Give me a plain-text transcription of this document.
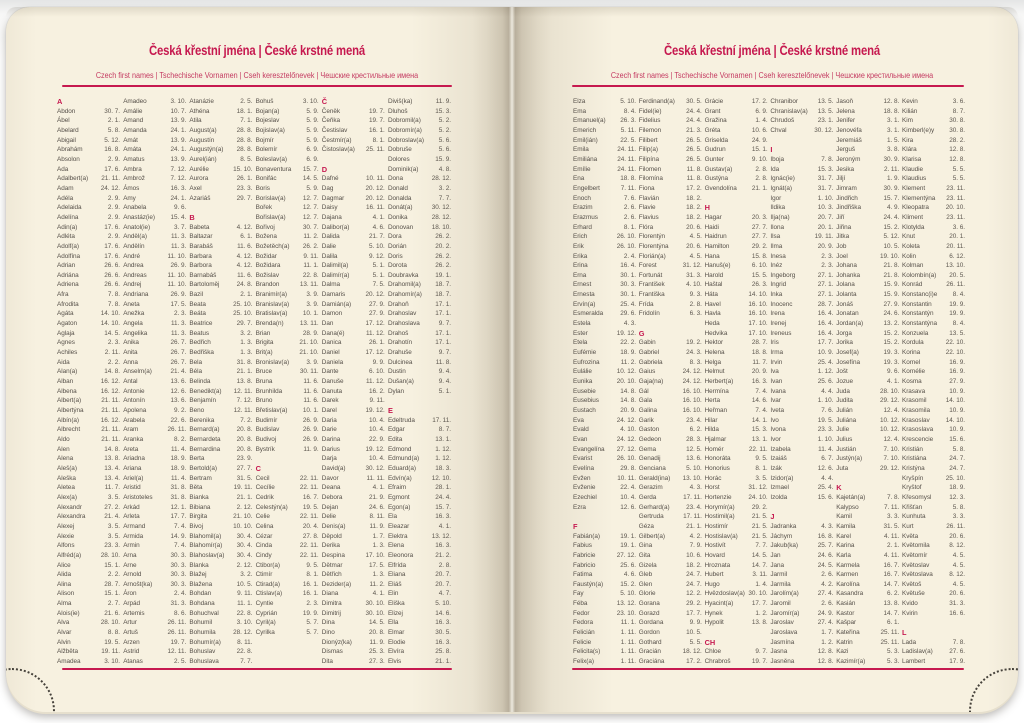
Česká křestní jména | České krstné mená
Czech first names | Tschechische Vornamen | Cseh keresztelőnevek | Чешские крестильные имена
A
Abdon	30. 7.
Ábel	2. 1.
Abelard	5. 8.
Abigail	5. 12.
Abrahám	16. 8.
Absolon	2. 9.
Ada	17. 6.
Adalbert(a) 21. 11.
Adam	24. 12.
Adéla	2. 9.
Adelaida	2. 9.
Adelína	2. 9.
Adin(a)	17. 6.
Adléta	2. 9.
Adolf(a)	17. 6.
Adolfína	17. 6.
Adrian	26. 6.
Adriána	26. 6.
Adriena	26. 6.
Afra	7. 8.
Afrodita	7. 8.
Agáta	14. 10.
Agaton	14. 10.
Aglaja	14. 5.
Agnes	2. 3.
Achiles	2. 11.
Aida	2. 2.
Alan(a)	14. 8.
Alban	16. 12.
Albena	16. 12.
Albert(a)	21. 11.
Albertýna	21. 11.
Albín(a)	16. 12.
Albrecht	21. 11.
Aldo	21. 11.
Alen	14. 8.
Alena	13. 8.
Aleš(a)	13. 4.
Aleška	13. 4.
Aletea	11. 7.
Alex(a)	3. 5.
Alexandr	27. 2.
Alexandra	21. 4.
Alexej	3. 5.
Alexie	3. 5.
Alfons	23. 3.
Alfréd(a)	28. 10.
Alice	15. 1.
Alida	2. 2.
Alina	28. 7.
Alison	15. 1.
Alma	2. 7.
Alois(ie)	21. 6.
Alva	28. 10.
Alvar	8. 8.
Alvin	19. 5.
Alžběta	19. 11.
Amadea	3. 10.
Amadeo	3. 10.
Amálie	10. 7.
Amand	13. 9.
Amanda	24. 1.
Amát	13. 9.
Amáta	24. 1.
Amatus	13. 9.
Ambra	7. 12.
Ambrož	7. 12.
Ámos	16. 3.
Amy	24. 1.
Anabela	9. 6.
Anastáz(ie) 15. 4.
Anatol(ie)	3. 7.
Anděl(a)	11. 3.
Andělín	11. 3.
André	11. 10.
Andrea	26. 9.
Andreas	11. 10.
Andrej	11. 10.
Andriana	26. 9.
Aneta	17. 5.
Anežka	2. 3.
Angela	11. 3.
Angelika	11. 3.
Anika	26. 7.
Anita	26. 7.
Anna	26. 7.
Anselm(a)	21. 4.
Antal	13. 6.
Antonie	12. 6.
Antonín	13. 6.
Apolena	9. 2.
Arabela	22. 6.
Aram	26. 11.
Aranka	8. 2.
Areta	11. 4.
Ariadna	18. 9.
Ariana	18. 9.
Ariel(a)	11. 4.
Aristid	31. 8.
Aristoteles	31. 8.
Arkád	12. 1.
Arleta	17. 7.
Armand	7. 4.
Armida	14. 9.
Armin	7. 4.
Arna	30. 3.
Arne	30. 3.
Arnold	30. 3.
Arnošt(ka)	30. 3.
Áron	2. 4.
Arpád	31. 3.
Artemis	8. 6.
Artur	26. 11.
Artuš	26. 11.
Arzen	19. 7.
Astrid	12. 11.
Atanas	2. 5.
Atanázie	2. 5.
Athéna	18. 1.
Atila	7. 1.
August(a)	28. 8.
Augustín	28. 8.
Augustýn(a) 28. 8.
Aurel(ián)	8. 5.
Aurélie	15. 10.
Aurora	26. 1.
Axel	23. 3.
Azariáš	29. 7.
B
Babeta	4. 12.
Baltazar	6. 1.
Barabáš	11. 6.
Barbara	4. 12.
Barbora	4. 12.
Barnabáš	11. 6.
Bartoloměj	24. 8.
Bazil	2. 1.
Beata	25. 10.
Beáta	25. 10.
Beatrice	29. 7.
Beatus	3. 2.
Bedřich	1. 3.
Bedřiška	1. 3.
Bela	31. 8.
Béla	21. 1.
Belinda	13. 8.
Benedikt(a) 12. 11.
Benjamín	7. 12.
Beno	12. 11.
Berenika	7. 2.
Bernard(a)	20. 8.
Bernardeta	20. 8.
Bernardina	20. 8.
Berta	23. 9.
Bertold(a)	27. 7.
Bertram	31. 5.
Běta	19. 11.
Bianka	21. 1.
Bibiana	2. 12.
Birgita	21. 10.
Bivoj	10. 10.
Blahomil(a) 30. 4.
Blahomír(a) 30. 4.
Blahoslav(a) 30. 4.
Blanka	2. 12.
Blažej	3. 2.
Blažena	10. 5.
Bohdan	9. 11.
Bohdana	11. 1.
Bohuchval	22. 8.
Bohumil	3. 10.
Bohumila	28. 12.
Bohumír(a)	8. 11.
Bohuslav	22. 8.
Bohuslava	7. 7.
Bohuš	3. 10.
Bojan(a)	5. 9.
Bojeslav	5. 9.
Bojislav(a)	5. 9.
Bojmír	5. 9.
Bolemír	6. 9.
Boleslav(a)	6. 9.
Bonaventura 15. 7.
Bonifác	14. 5.
Boris	5. 9.
Borislav(a)	12. 7.
Bořek	12. 7.
Bořislav(a)	12. 7.
Bořivoj	30. 7.
Božena	11. 2.
Božetěch(a) 26. 2.
Božidar	9. 11.
Božidara	11. 1.
Božislav	22. 8.
Brandon	13. 11.
Branimír(a)	3. 9.
Branislav(a)	3. 9.
Bratislav(a) 10. 1.
Brenda(n)	13. 11.
Brian	28. 9.
Brigita	21. 10.
Brit(a)	21. 10.
Bronislav(a)	3. 9.
Bruce	30. 11.
Bruna	11. 6.
Brunhilda	11. 6.
Bruno	11. 6.
Břetislav(a) 10. 1.
Budimír	26. 9.
Budislav	26. 9.
Budivoj	26. 9.
Bystrík	11. 9.
C
Cecil	22. 11.
Cecílie	22. 11.
Cedrik	16. 7.
Celestýn(a) 19. 5.
Celie	22. 11.
Celina	20. 4.
Cézar	27. 8.
Cinda	22. 11.
Cindy	22. 11.
Ctibor(a)	9. 5.
Ctimír	8. 1.
Ctirad(a)	16. 1.
Ctislav(a)	16. 1.
Cyntie	2. 3.
Cyprián	19. 9.
Cyril(a)	5. 7.
Cyrilka	5. 7.
Č
Čeněk	19. 7.
Čeňka	19. 7.
Čestislav	16. 1.
Čestmír(a)	8. 1.
Čistoslav(a) 25. 11.
D
Dafné	10. 11.
Dag	20. 12.
Dagmar	20. 12.
Daisy	16. 11.
Dajana	4. 1.
Dalibor(a)	4. 6.
Dalida	21. 7.
Dalie	5. 10.
Dalila	9. 12.
Dalimil(a)	5. 1.
Dalimír(a)	5. 1.
Dalma	7. 5.
Damaris	20. 12.
Damián(a)	27. 9.
Damon	27. 9.
Dan	17. 12.
Dana(é)	11. 12.
Danica	26. 1.
Daniel	17. 12.
Daniela	9. 9.
Dante	6. 10.
Danuše	11. 12.
Danuta	16. 2.
Darek	9. 11.
Darel	19. 12.
Daria	10. 4.
Darie	10. 4.
Darina	22. 9.
Darius	19. 12.
Darja	10. 4.
David(a)	30. 12.
Davor	11. 11.
Deana	4. 1.
Debora	21. 9.
Dejan	24. 6.
Delie	8. 11.
Denis(a)	11. 9.
Děpold	1. 7.
Derika	1. 3.
Despina	17. 10.
Dětmar	17. 5.
Dětřich	1. 3.
Dezider(a)	11. 2.
Diana	4. 1.
Dimitra	30. 10.
Dimitrij	30. 10.
Dina	14. 5.
Dino	20. 8.
Dionýz(ka)	11. 9.
Dismas	25. 3.
Dita	27. 3.
Diviš(ka)	11. 9.
Dluhoš	15. 3.
Dobromil(a)	5. 2.
Dobromír(a)	5. 2.
Dobroslav(a) 5. 6.
Dobruše	5. 6.
Dolores	15. 9.
Dominik(a)	4. 8.
Dona	28. 12.
Donald	3. 2.
Donalda	7. 7.
Donát(a)	30. 12.
Donika	28. 12.
Donovan	18. 10.
Dora	26. 2.
Dorián	20. 2.
Doris	26. 2.
Dorota	26. 2.
Doubravka	19. 1.
Drahomil(a) 18. 7.
Drahomír(a) 18. 7.
Drahoň	17. 1.
Drahoslav	17. 1.
Drahoslava	9. 7.
Drahoš	17. 1.
Drahotín	17. 1.
Drahuše	9. 7.
Dulcinea	11. 8.
Dustin	9. 4.
Dušan(a)	9. 4.
Dylan	5. 1.
E
Edeltruda	17. 11.
Edgar	8. 7.
Edita	13. 1.
Edmond	1. 12.
Edmund(a)	1. 12.
Eduard(a)	18. 3.
Edvín(a)	12. 10.
Efraim	28. 1.
Egmont	24. 4.
Egon(a)	15. 7.
Ela	16. 3.
Eleazar	4. 1.
Elektra	13. 12.
Elena	16. 3.
Eleonora	21. 2.
Elfrída	2. 8.
Eliana	20. 7.
Eliáš	20. 7.
Elin	4. 7.
Eliška	5. 10.
Elizej	14. 6.
Ella	16. 3.
Elmar	30. 5.
Elodie	16. 3.
Elvíra	25. 8.
Elvis	21. 1.
Česká křestní jména | České krstné mená
Czech first names | Tschechische Vornamen | Cseh keresztelőnevek | Чешские крестильные имена
Elza	5. 10.
Ema	8. 4.
Emanuel(a) 26. 3.
Emerich	5. 11.
Emil(ián)	22. 5.
Emila	24. 11.
Emiliána	24. 11.
Emílie	24. 11.
Ena	18. 8.
Engelbert	7. 11.
Enoch	7. 6.
Erazim	2. 6.
Erazmus	2. 6.
Erhard	8. 1.
Erich	26. 10.
Erik	26. 10.
Erika	2. 4.
Erina	16. 4.
Erna	30. 1.
Ernest	30. 3.
Ernesta	30. 1.
Ervín(a)	25. 4.
Esmeralda	29. 6.
Estela	4. 3.
Ester	19. 12.
Etela	22. 2.
Eufémie	18. 9.
Eufrozina	11. 2.
Eulálie	10. 12.
Eunika	20. 10.
Eusebie	14. 8.
Eusebius	14. 8.
Eustach	20. 9.
Eva	24. 12.
Evald	4. 10.
Evan	24. 12.
Evangelína 27. 12.
Evarist	26. 10.
Evelína	29. 8.
Evžen	10. 11.
Evženie	22. 4.
Ezechiel	10. 4.
Ezra	12. 6.
F
Fabián(a)	19. 1.
Fabius	19. 1.
Fabricie	27. 12.
Fabricio	25. 6.
Fatima	4. 6.
Faustýn(a)	15. 2.
Fay	5. 10.
Féba	13. 12.
Fedor	23. 10.
Fedora	11. 1.
Felicián	1. 11.
Felicie	1. 11.
Felicita(s)	1. 11.
Felix(a)	1. 11.
Ferdinand(a) 30. 5.
Fidel(ie)	24. 4.
Fidelius	24. 4.
Filemon	21. 3.
Filibert	26. 5.
Filip(a)	26. 5.
Filipína	26. 5.
Filomen	11. 8.
Filomína	11. 8.
Fiona	17. 2.
Flavián	18. 2.
Flavie	18. 2.
Flavius	18. 2.
Flóra	20. 6.
Florentýn	4. 5.
Florentýna	20. 6.
Florián(a)	4. 5.
Forest	31. 12.
Fortunát	31. 3.
František	4. 10.
Františka	9. 3.
Frída	2. 8.
Fridolín	6. 3.
G
Gabin	19. 2.
Gabriel	24. 3.
Gabriela	8. 3.
Gaius	24. 12.
Gaja(na)	24. 12.
Gál	16. 10.
Gala	16. 10.
Galina	16. 10.
Garik	23. 4.
Gaston	6. 2.
Gedeon	28. 3.
Gema	12. 5.
Genadij	13. 6.
Genciana	5. 10.
Gerald(ina) 13. 10.
Gerazim	4. 3.
Gerda	17. 11.
Gerhard(a)	23. 4.
Gertruda	17. 11.
Géza	21. 1.
Gilbert(a)	4. 2.
Gina	7. 9.
Gita	10. 6.
Gizela	18. 2.
Gleb	24. 7.
Glen	24. 7.
Glorie	12. 2.
Gorana	29. 2.
Gorazd	17. 7.
Gordana	9. 9.
Gordon	10. 5.
Gothard	5. 5.
Gracián	18. 12.
Graciána	17. 2.
Grácie	17. 2.
Grant	6. 9.
Gražina	1. 4.
Gréta	10. 6.
Griselda	24. 9.
Gudrun	15. 1.
Gunter	9. 10.
Gustav(a)	2. 8.
Gustýna	2. 8.
Gvendolína 21. 1.
H
Hagar	20. 3.
Haidi	27. 7.
Haidrun	27. 7.
Hamilton	29. 2.
Hana	15. 8.
Hanuš(e)	6. 10.
Harold	15. 5.
Haštal	26. 3.
Háta	14. 10.
Havel	16. 10.
Havla	16. 10.
Heda	17. 10.
Hedvika	17. 10.
Hektor	28. 7.
Helena	18. 8.
Helga	11. 7.
Helmut	20. 9.
Herbert(a)	16. 3.
Hermína	7. 4.
Herta	14. 6.
Heřman	7. 4.
Hilar	14. 1.
Hilda	15. 3.
Hjalmar	13. 1.
Homér	22. 11.
Honoráta	9. 5.
Honorius	8. 1.
Horác	3. 5.
Horst	31. 12.
Hortenzie	24. 10.
Horymír(a)	29. 2.
Hostimil(a)	21. 5.
Hostimír	21. 5.
Hostislav(a) 21. 5.
Hostivít	7. 7.
Hovard	14. 5.
Hroznata	14. 7.
Hubert	3. 11.
Hugo	1. 4.
Hvězdoslav(a) 30. 10.
Hyacint(a)	17. 7.
Hynek	1. 2.
Hypolit	13. 8.
CH
Chloe	9. 7.
Chrabroš	19. 7.
Chranibor	13. 5.
Chranislav(a) 13. 5.
Chrudoš	23. 1.
Chval	30. 12.
I
Iboja	7. 8.
Ida	15. 3.
Ignác(ie)	31. 7.
Ignát(a)	31. 7.
Igor	1. 10.
Ildika	10. 3.
Ilja(na)	20. 7.
Ilona	20. 1.
Ilsa	19. 11.
Ilma	20. 9.
Inesa	2. 3.
Inéz	2. 3.
Ingeborg	27. 1.
Ingrid	27. 1.
Inka	27. 1.
Inocenc	28. 7.
Irena	16. 4.
Irenej	16. 4.
Ireneus	16. 4.
Iris	17. 7.
Irma	10. 9.
Irvin	25. 4.
Iva	1. 12.
Ivan	25. 6.
Ivana	4. 4.
Ivar	1. 10.
Iveta	7. 6.
Ivo	19. 5.
Ivona	23. 3.
Ivor	1. 10.
Izabela	11. 4.
Izaiáš	6. 7.
Izák	12. 6.
Izidor(a)	4. 4.
Izmael	25. 4.
Izolda	15. 6.
J
Jadranka	4. 3.
Jáchym	16. 8.
Jakub(ka)	25. 7.
Jan	24. 6.
Jana	24. 5.
Jarmil	2. 6.
Jarmila	4. 2.
Jarolím(a)	27. 4.
Jaromil	2. 6.
Jaromír(a)	24. 9.
Jaroslav	27. 4.
Jaroslava	1. 7.
Jasmína	1. 2.
Jasna	12. 8.
Jasněna	12. 8.
Jasoň	12. 8.
Jelena	18. 8.
Jenifer	3. 1.
Jenovéfa	3. 1.
Jeremiáš	1. 5.
Jerguš	3. 8.
Jeroným	30. 9.
Jesika	2. 11.
Jiljí	1. 9.
Jimram	30. 9.
Jindřich	15. 7.
Jindřiška	4. 9.
Jiří	24. 4.
Jiřina	15. 2.
Jitka	5. 12.
Job	10. 5.
Joel	19. 10.
Johana	21. 8.
Johanka	21. 8.
Jolana	15. 9.
Jolanta	15. 9.
Jonáš	27. 9.
Jonatan	24. 6.
Jordan(a)	13. 2.
Jorga	15. 2.
Jorika	15. 2.
Josef(a)	19. 3.
Josefína	19. 3.
Jošt	9. 6.
Jozue	4. 1.
Juda	28. 10.
Judita	29. 12.
Julián	12. 4.
Juliána	10. 12.
Julie	10. 12.
Julius	12. 4.
Justián	7. 10.
Justýn(a)	7. 10.
Juta	29. 12.
K
Kajetán(a)	7. 8.
Kalypso	7. 11.
Kamil	3. 3.
Kamila	31. 5.
Karel	4. 11.
Karina	2. 1.
Karla	4. 11.
Karmela	16. 7.
Karmen	16. 7.
Karolína	14. 7.
Kasandra	6. 2.
Kasián	13. 8.
Kastor	14. 7.
Kašpar	6. 1.
Kateřina	25. 11.
Katrin	25. 11.
Kazi	5. 3.
Kazimír(a)	5. 3.
Kevin	3. 6.
Kilián	8. 7.
Kim	30. 8.
Kimberl(e)y 30. 8.
Kira	28. 2.
Klára	12. 8.
Klarisa	12. 8.
Klaudie	5. 5.
Klaudius	5. 5.
Klement	23. 11.
Klementýna 23. 11.
Kleopatra	20. 10.
Kliment	23. 11.
Klotylda	3. 6.
Knut	20. 1.
Koleta	20. 11.
Kolin	6. 12.
Kolman	13. 10.
Kolombín(a) 20. 5.
Konrád	26. 11.
Konstanc(i)e 8. 4.
Konstantin	19. 9.
Konstantýn 19. 9.
Konstantýna 8. 4.
Konzuela	13. 5.
Kordula	22. 10.
Korina	22. 10.
Kornel	16. 9.
Kornélie	16. 9.
Kosma	27. 9.
Krasava	10. 9.
Krasomil	14. 10.
Krasomila	10. 9.
Krasoslav	14. 10.
Krasoslava	10. 9.
Krescencie	15. 6.
Kristián	5. 8.
Kristiána	24. 7.
Kristýna	24. 7.
Kryšpín	25. 10.
Kryštof	18. 9.
Křesomysl	12. 3.
Křišťan	5. 8.
Kunhuta	3. 3.
Kurt	26. 11.
Květa	20. 6.
Květomila	8. 12.
Květomír	4. 5.
Květoslav	4. 5.
Květoslava	8. 12.
Květoš	4. 5.
Květuše	20. 6.
Kvido	31. 3.
Kvirin	16. 6.
L
Lada	7. 8.
Ladislav(a)	27. 6.
Lambert	17. 9.
